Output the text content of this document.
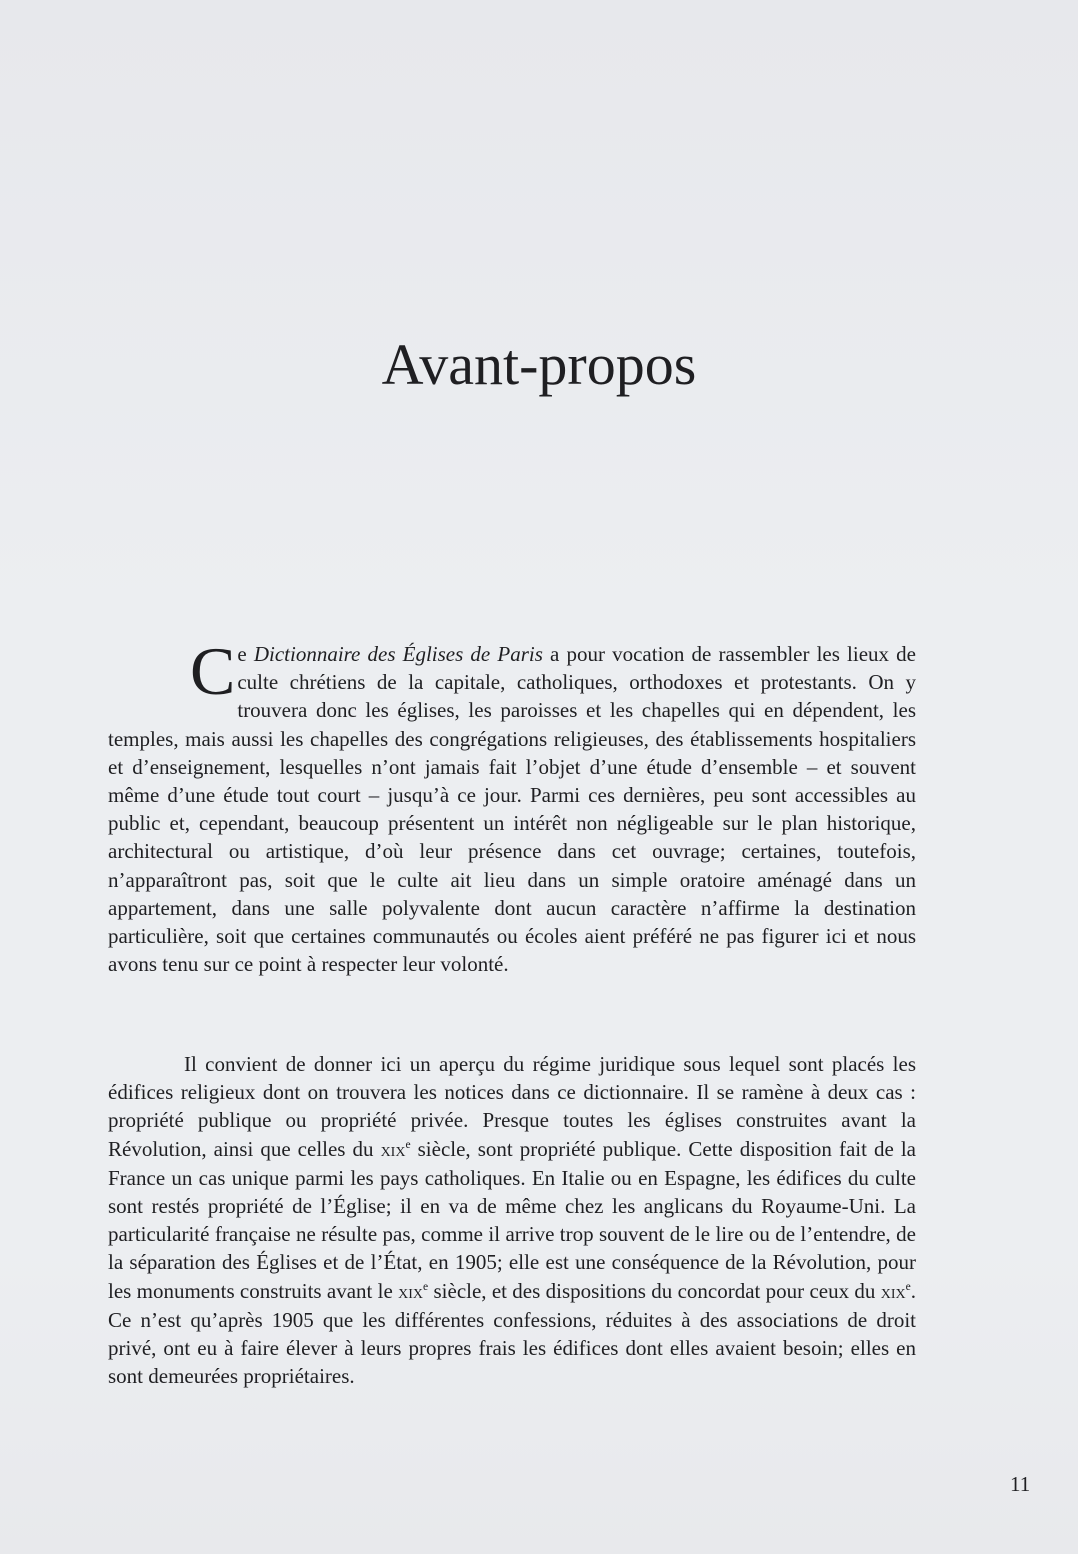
Avant-propos

Ce Dictionnaire des Églises de Paris a pour vocation de rassembler les lieux de culte chrétiens de la capitale, catholiques, orthodoxes et protestants. On y trouvera donc les églises, les paroisses et les chapelles qui en dépendent, les temples, mais aussi les chapelles des congrégations religieuses, des établissements hospitaliers et d’enseignement, lesquelles n’ont jamais fait l’objet d’une étude d’ensemble – et souvent même d’une étude tout court – jusqu’à ce jour. Parmi ces dernières, peu sont accessibles au public et, cependant, beaucoup présentent un intérêt non négligeable sur le plan historique, architectural ou artistique, d’où leur présence dans cet ouvrage; certaines, toutefois, n’apparaîtront pas, soit que le culte ait lieu dans un simple oratoire aménagé dans un appartement, dans une salle polyvalente dont aucun caractère n’affirme la destination particulière, soit que certaines communautés ou écoles aient préféré ne pas figurer ici et nous avons tenu sur ce point à respecter leur volonté.

Il convient de donner ici un aperçu du régime juridique sous lequel sont placés les édifices religieux dont on trouvera les notices dans ce dictionnaire. Il se ramène à deux cas : propriété publique ou propriété privée. Presque toutes les églises construites avant la Révolution, ainsi que celles du xix$^e$ siècle, sont propriété publique. Cette disposition fait de la France un cas unique parmi les pays catholiques. En Italie ou en Espagne, les édifices du culte sont restés propriété de l’Église; il en va de même chez les anglicans du Royaume-Uni. La particularité française ne résulte pas, comme il arrive trop souvent de le lire ou de l’entendre, de la séparation des Églises et de l’État, en 1905; elle est une conséquence de la Révolution, pour les monuments construits avant le xix$^e$ siècle, et des dispositions du concordat pour ceux du xix$^e$. Ce n’est qu’après 1905 que les différentes confessions, réduites à des associations de droit privé, ont eu à faire élever à leurs propres frais les édifices dont elles avaient besoin; elles en sont demeurées propriétaires.

11
